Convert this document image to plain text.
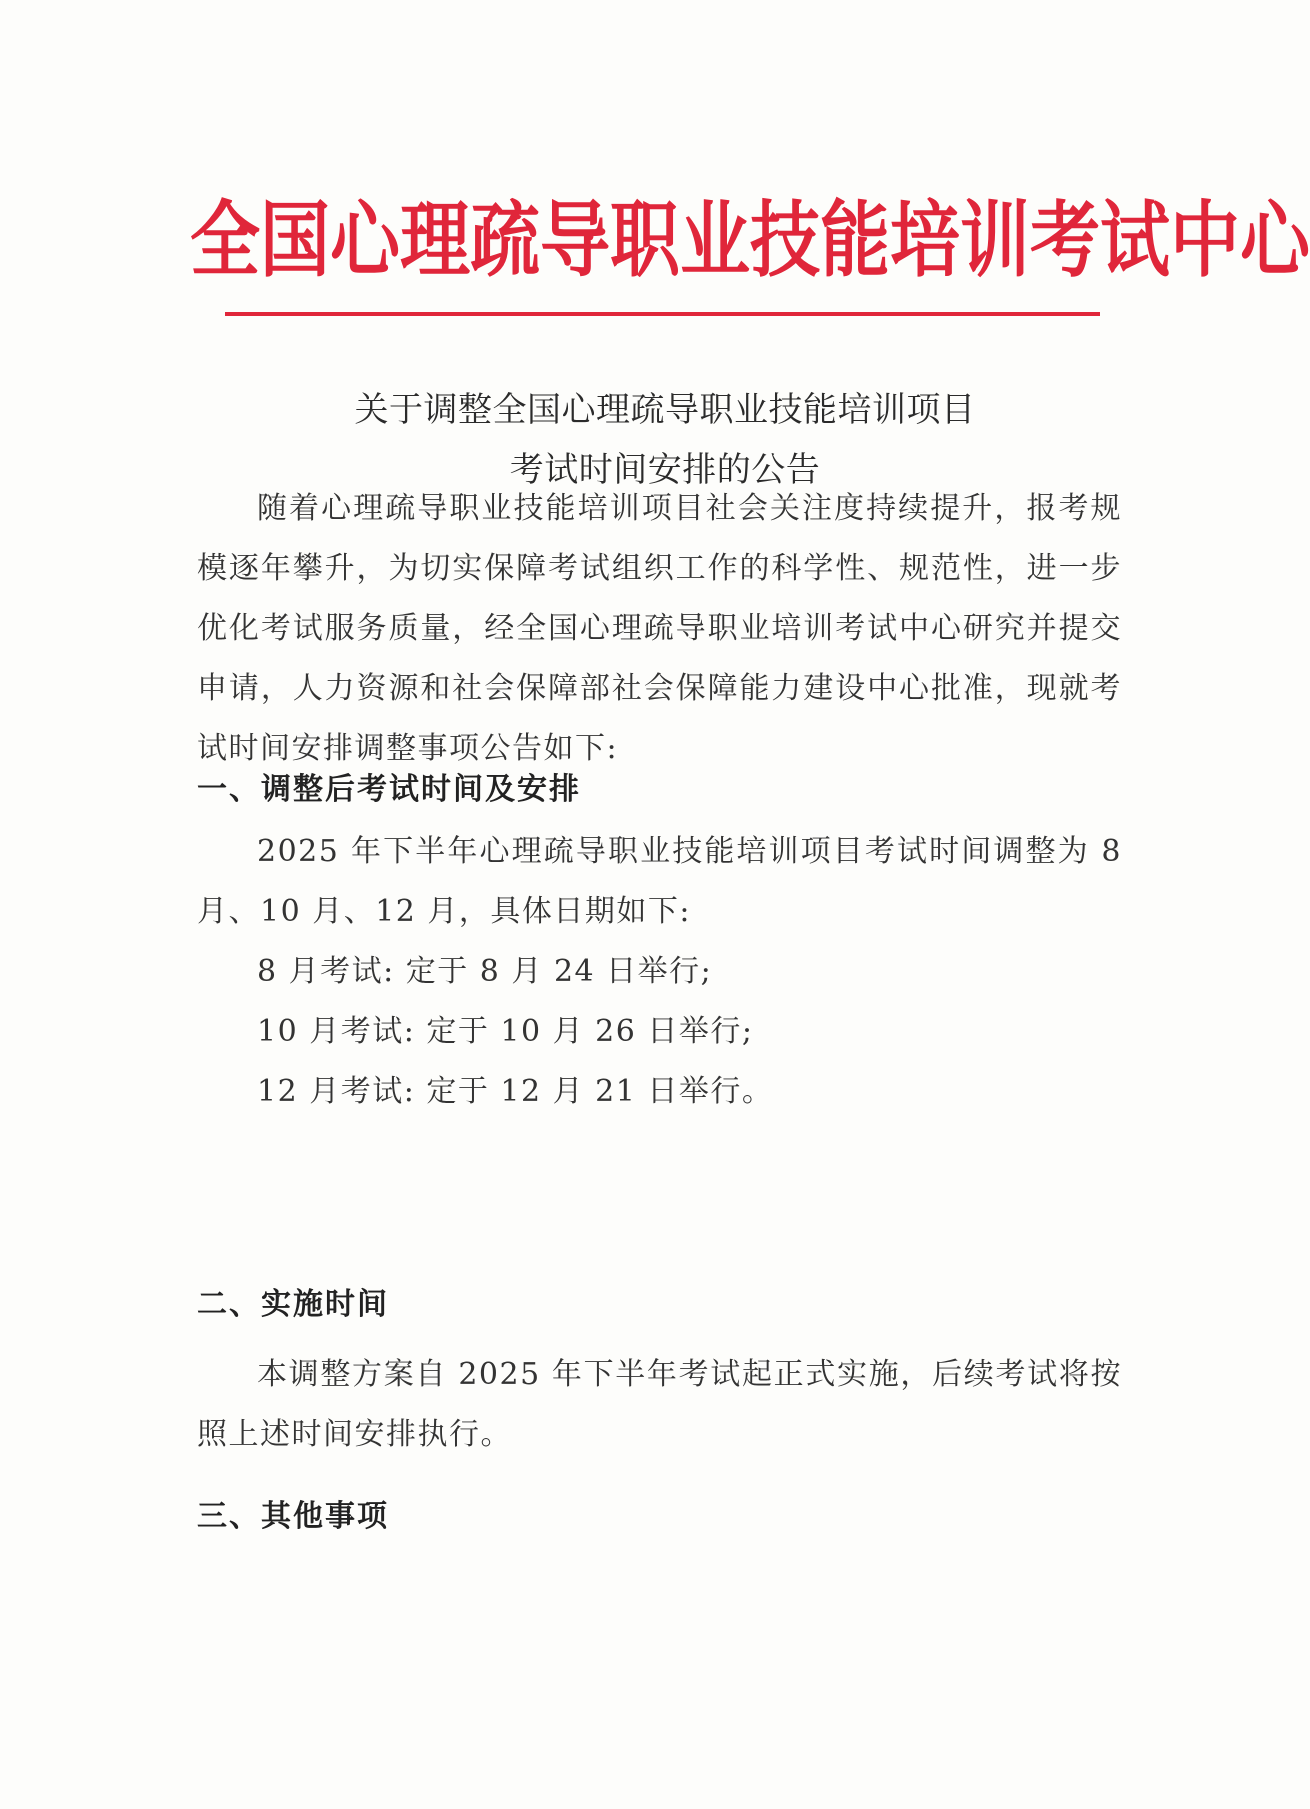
全 国 心 理 疏 导 职 业 技 能 培 训 考 试 中 心
关于调整全国心理疏导职业技能培训项目
考试时间安排的公告

随着心理疏导职业技能培训项目社会关注度持续提升，报考规模逐年攀升，为切实保障考试组织工作的科学性、规范性，进一步优化考试服务质量，经全国心理疏导职业培训考试中心研究并提交申请，人力资源和社会保障部社会保障能力建设中心批准，现就考试时间安排调整事项公告如下:

一、调整后考试时间及安排

2025 年下半年心理疏导职业技能培训项目考试时间调整为 8 月、10 月、12 月，具体日期如下:

8 月考试: 定于 8 月 24 日举行;

10 月考试: 定于 10 月 26 日举行;

12 月考试: 定于 12 月 21 日举行。

二、实施时间

本调整方案自 2025 年下半年考试起正式实施，后续考试将按照上述时间安排执行。

三、其他事项
